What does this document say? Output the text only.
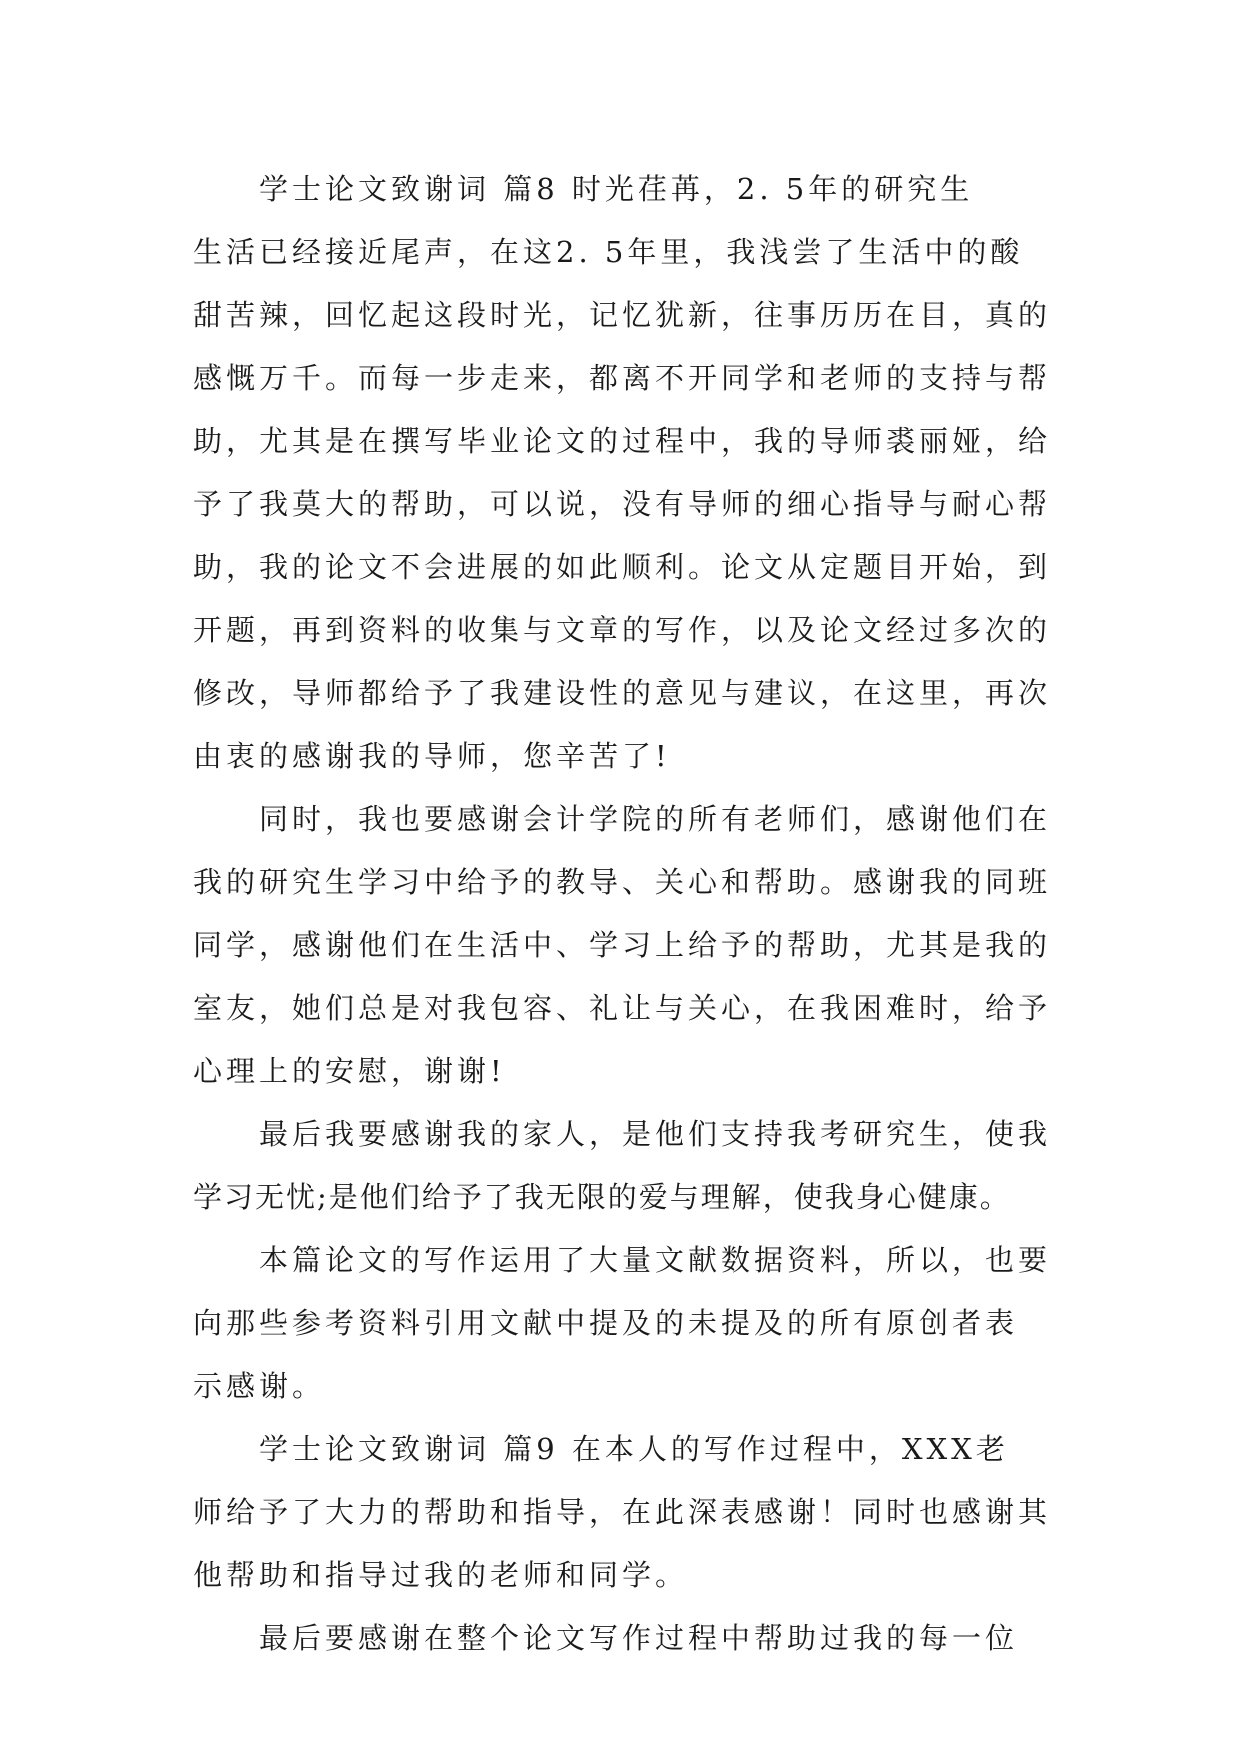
学士论文致谢词 篇8 时光荏苒，2. 5年的研究生
生活已经接近尾声，在这2. 5年里，我浅尝了生活中的酸
甜苦辣，回忆起这段时光，记忆犹新，往事历历在目，真的
感慨万千。而每一步走来，都离不开同学和老师的支持与帮
助，尤其是在撰写毕业论文的过程中，我的导师裘丽娅，给
予了我莫大的帮助，可以说，没有导师的细心指导与耐心帮
助，我的论文不会进展的如此顺利。论文从定题目开始，到
开题，再到资料的收集与文章的写作，以及论文经过多次的
修改，导师都给予了我建设性的意见与建议，在这里，再次
由衷的感谢我的导师，您辛苦了!
同时，我也要感谢会计学院的所有老师们，感谢他们在
我的研究生学习中给予的教导、关心和帮助。感谢我的同班
同学，感谢他们在生活中、学习上给予的帮助，尤其是我的
室友，她们总是对我包容、礼让与关心，在我困难时，给予
心理上的安慰，谢谢!
最后我要感谢我的家人，是他们支持我考研究生，使我
学习无忧;是他们给予了我无限的爱与理解，使我身心健康。
本篇论文的写作运用了大量文献数据资料，所以，也要
向那些参考资料引用文献中提及的未提及的所有原创者表
示感谢。
学士论文致谢词 篇9 在本人的写作过程中，XXX老
师给予了大力的帮助和指导，在此深表感谢！同时也感谢其
他帮助和指导过我的老师和同学。
最后要感谢在整个论文写作过程中帮助过我的每一位
